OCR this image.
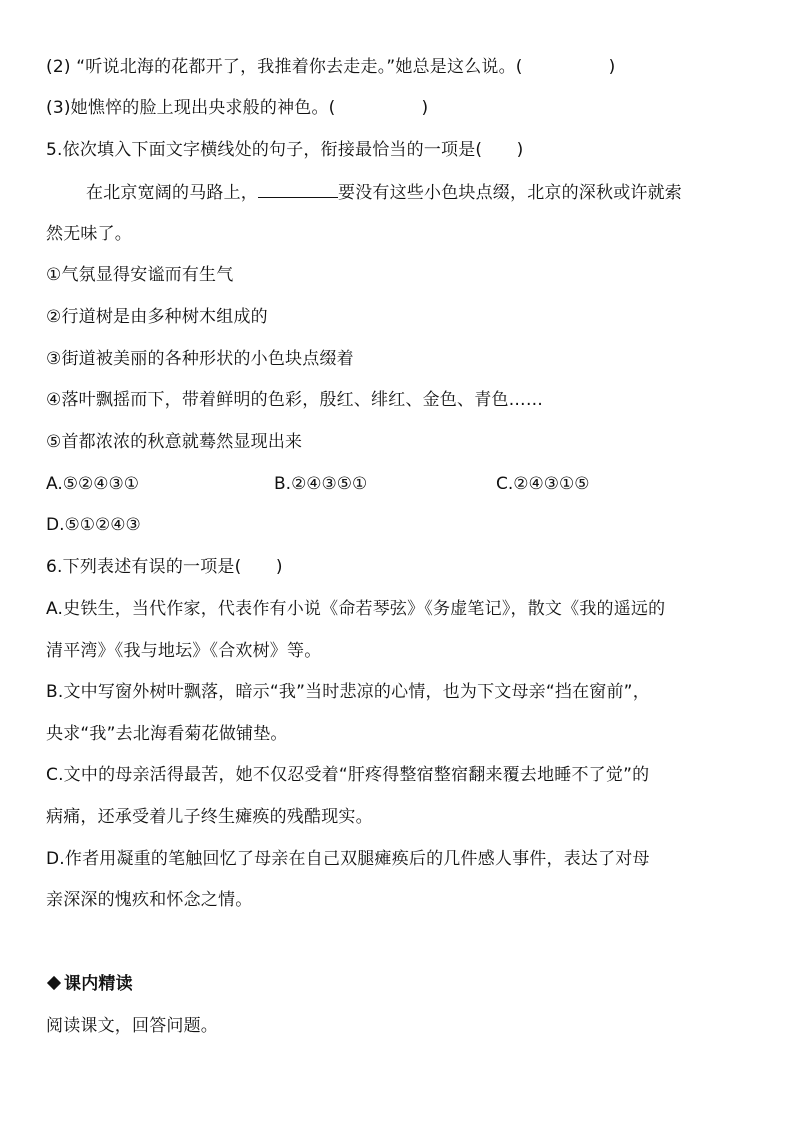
(2) “听说北海的花都开了，我推着你去走走。”她总是这么说。(　　　　　)
(3)她憔悴的脸上现出央求般的神色。(　　　　　)
5.依次填入下面文字横线处的句子，衔接最恰当的一项是(　　)
在北京宽阔的马路上，	要没有这些小色块点缀，北京的深秋或许就索
然无味了。
①气氛显得安谧而有生气
②行道树是由多种树木组成的
③街道被美丽的各种形状的小色块点缀着
④落叶飘摇而下，带着鲜明的色彩，殷红、绯红、金色、青色……
⑤首都浓浓的秋意就蓦然显现出来
A.⑤②④③①	B.②④③⑤①	C.②④③①⑤
D.⑤①②④③
6.下列表述有误的一项是(　　)
A.史铁生，当代作家，代表作有小说《命若琴弦》《务虚笔记》，散文《我的遥远的
清平湾》《我与地坛》《合欢树》等。
B.文中写窗外树叶飘落，暗示“我”当时悲凉的心情，也为下文母亲“挡在窗前”，
央求“我”去北海看菊花做铺垫。
C.文中的母亲活得最苦，她不仅忍受着“肝疼得整宿整宿翻来覆去地睡不了觉”的
病痛，还承受着儿子终生瘫痪的残酷现实。
D.作者用凝重的笔触回忆了母亲在自己双腿瘫痪后的几件感人事件，表达了对母
亲深深的愧疚和怀念之情。
课内精读
阅读课文，回答问题。
